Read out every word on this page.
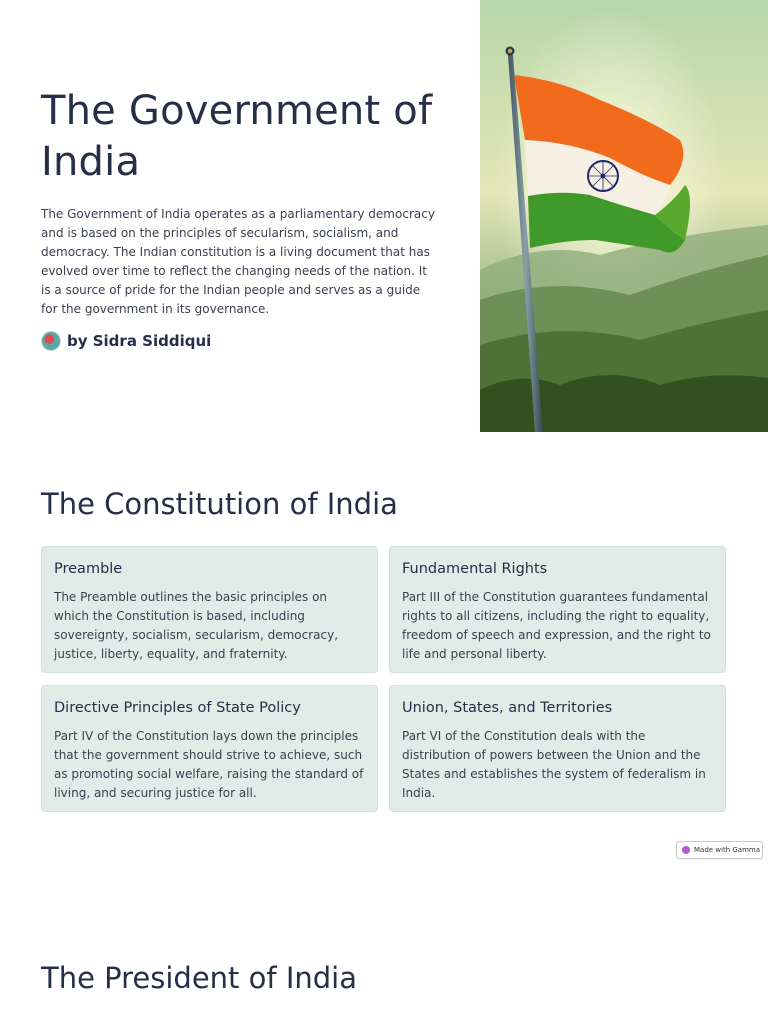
The Government of India

The Government of India operates as a parliamentary democracy and is based on the principles of secularism, socialism, and democracy. The Indian constitution is a living document that has evolved over time to reflect the changing needs of the nation. It is a source of pride for the Indian people and serves as a guide for the government in its governance.

by Sidra Siddiqui
The Constitution of India
Preamble
The Preamble outlines the basic principles on which the Constitution is based, including sovereignty, socialism, secularism, democracy, justice, liberty, equality, and fraternity.
Fundamental Rights
Part III of the Constitution guarantees fundamental rights to all citizens, including the right to equality, freedom of speech and expression, and the right to life and personal liberty.
Directive Principles of State Policy
Part IV of the Constitution lays down the principles that the government should strive to achieve, such as promoting social welfare, raising the standard of living, and securing justice for all.
Union, States, and Territories
Part VI of the Constitution deals with the distribution of powers between the Union and the States and establishes the system of federalism in India.
Made with Gamma
The President of India
